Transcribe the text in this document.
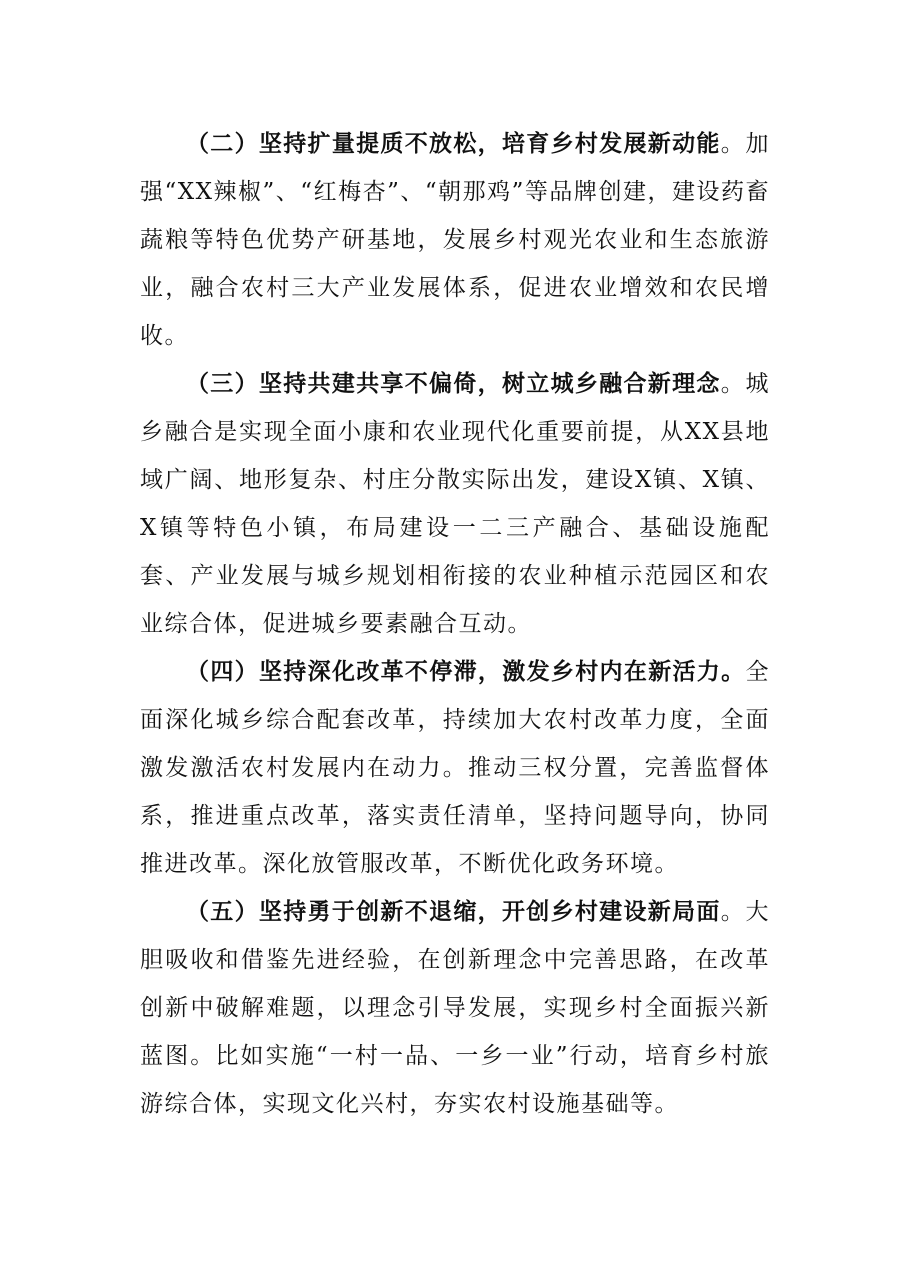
（二）坚持扩量提质不放松，培育乡村发展新动能。加强“XX辣椒”、“红梅杏”、“朝那鸡”等品牌创建，建设药畜蔬粮等特色优势产研基地，发展乡村观光农业和生态旅游业，融合农村三大产业发展体系，促进农业增效和农民增收。

（三）坚持共建共享不偏倚，树立城乡融合新理念。城乡融合是实现全面小康和农业现代化重要前提，从XX县地域广阔、地形复杂、村庄分散实际出发，建设X镇、X镇、X镇等特色小镇，布局建设一二三产融合、基础设施配套、产业发展与城乡规划相衔接的农业种植示范园区和农业综合体，促进城乡要素融合互动。

（四）坚持深化改革不停滞，激发乡村内在新活力。全面深化城乡综合配套改革，持续加大农村改革力度，全面激发激活农村发展内在动力。推动三权分置，完善监督体系，推进重点改革，落实责任清单，坚持问题导向，协同推进改革。深化放管服改革，不断优化政务环境。

（五）坚持勇于创新不退缩，开创乡村建设新局面。大胆吸收和借鉴先进经验，在创新理念中完善思路，在改革创新中破解难题，以理念引导发展，实现乡村全面振兴新蓝图。比如实施“一村一品、一乡一业”行动，培育乡村旅游综合体，实现文化兴村，夯实农村设施基础等。
